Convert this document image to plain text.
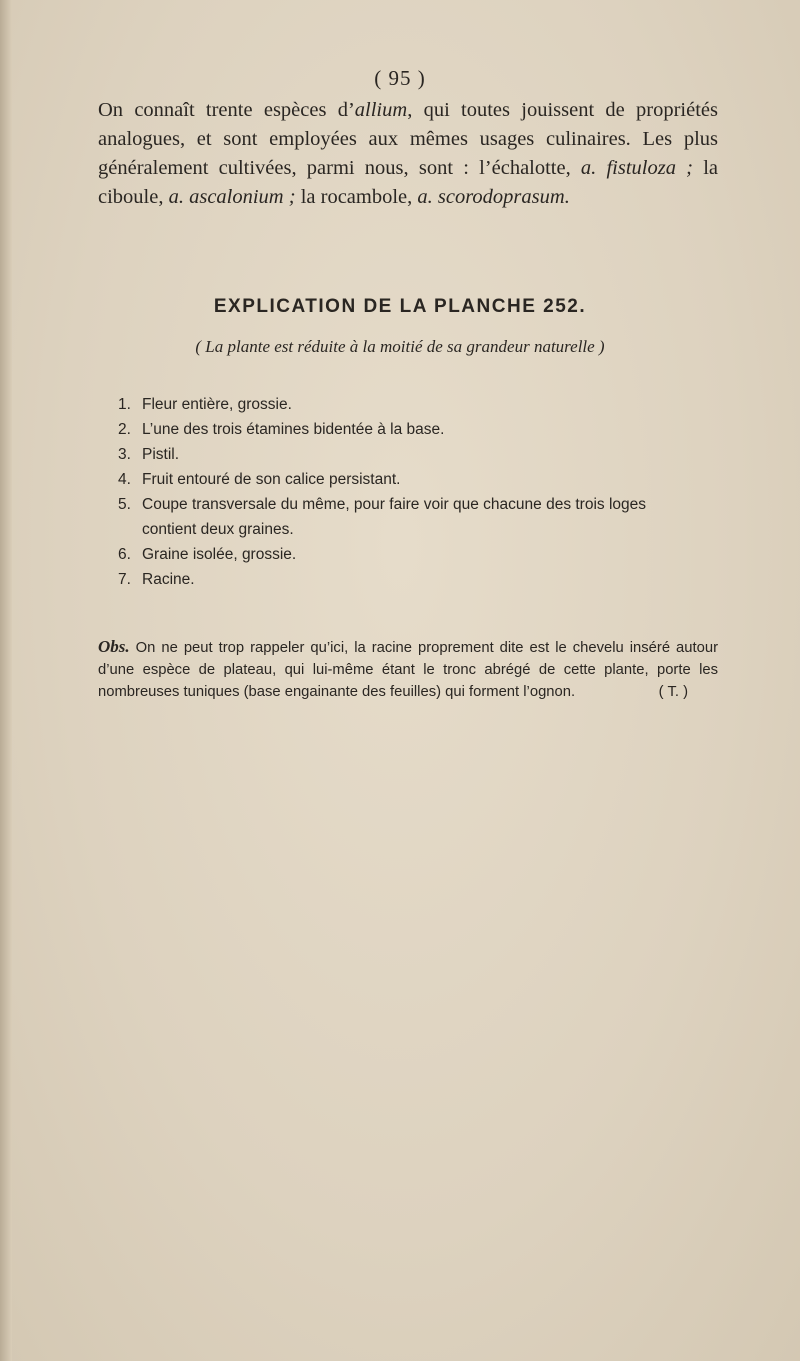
( 95 )

On connaît trente espèces d’allium, qui toutes jouissent de propriétés analogues, et sont employées aux mêmes usages culinaires. Les plus généralement cultivées, parmi nous, sont : l’échalotte, a. fistuloza ; la ciboule, a. ascalonium ; la rocambole, a. scorodoprasum.

EXPLICATION DE LA PLANCHE 252.
( La plante est réduite à la moitié de sa grandeur naturelle )
1. Fleur entière, grossie.
2. L’une des trois étamines bidentée à la base.
3. Pistil.
4. Fruit entouré de son calice persistant.
5. Coupe transversale du même, pour faire voir que chacune des trois loges contient deux graines.
6. Graine isolée, grossie.
7. Racine.

Obs. On ne peut trop rappeler qu’ici, la racine proprement dite est le chevelu inséré autour d’une espèce de plateau, qui lui-même étant le tronc abrégé de cette plante, porte les nombreuses tuniques (base engainante des feuilles) qui forment l’ognon.	( T. )
